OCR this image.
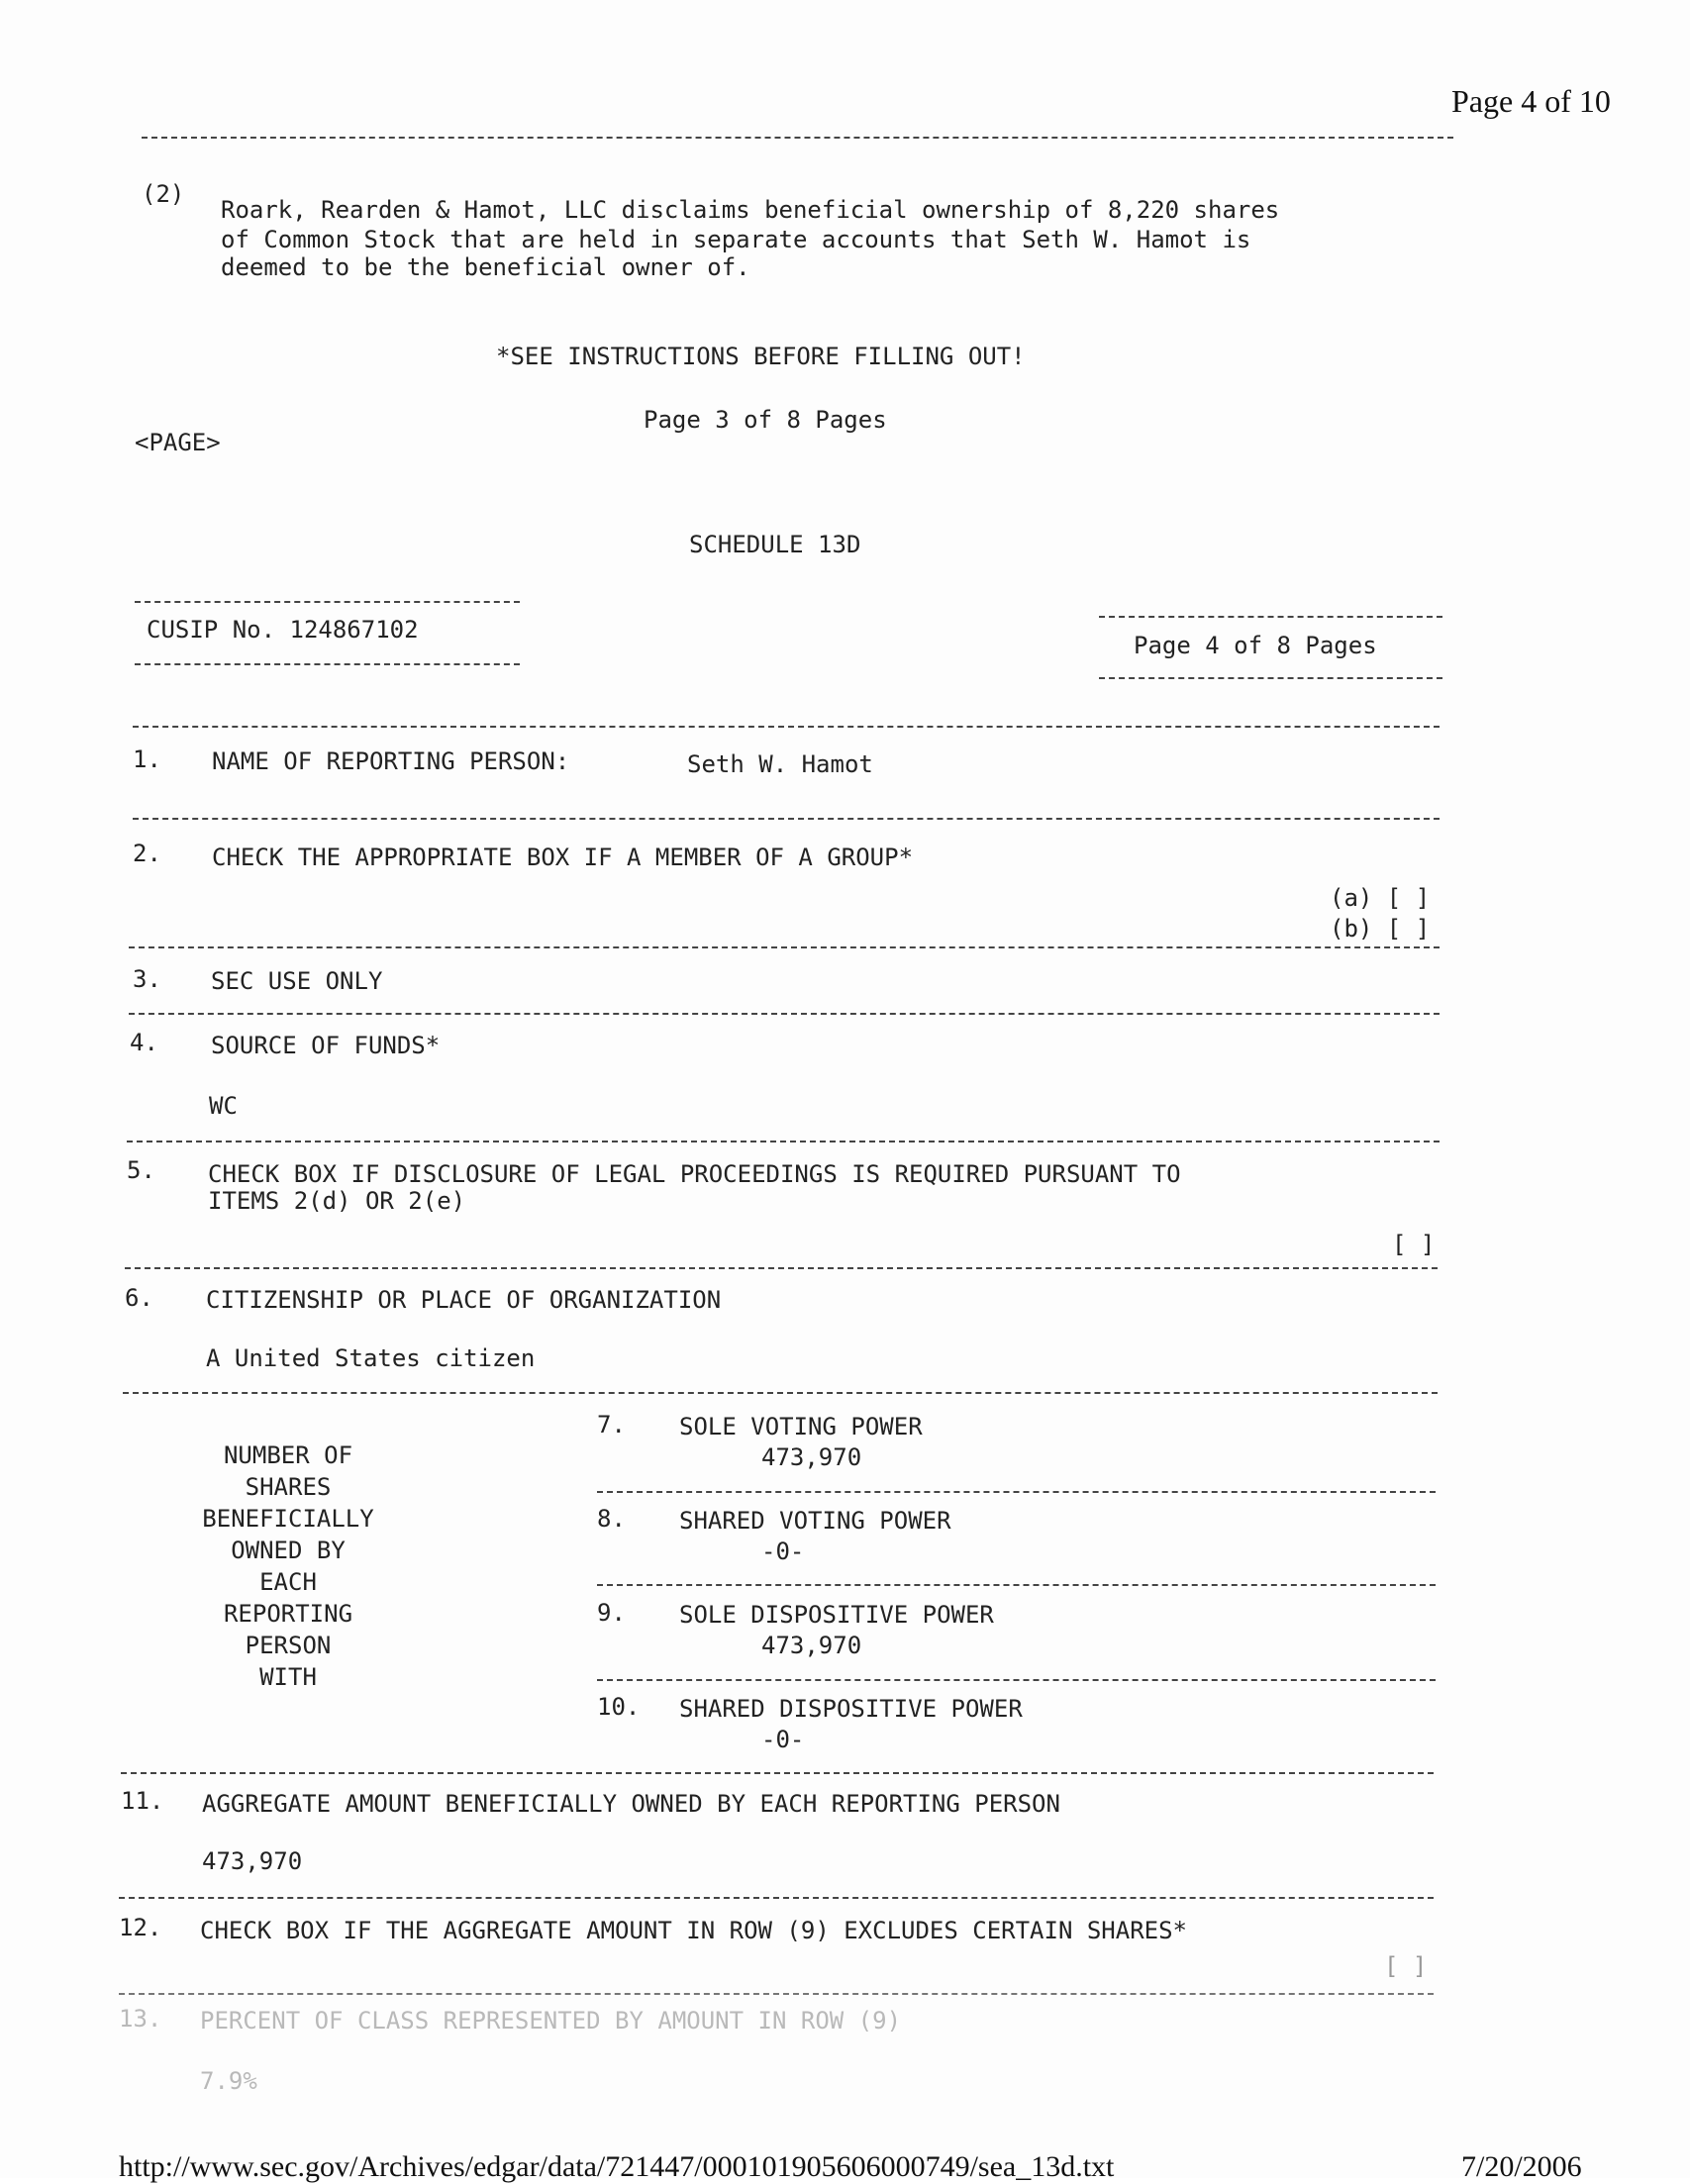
Page 4 of 10
(2)
Roark, Rearden & Hamot, LLC disclaims beneficial ownership of 8,220 shares
of Common Stock that are held in separate accounts that Seth W. Hamot is
deemed to be the beneficial owner of.
*SEE INSTRUCTIONS BEFORE FILLING OUT!
Page 3 of 8 Pages
<PAGE>
SCHEDULE 13D
CUSIP No. 124867102
Page 4 of 8 Pages
1. NAME OF REPORTING PERSON:	Seth W. Hamot
2. CHECK THE APPROPRIATE BOX IF A MEMBER OF A GROUP*
(a) [ ]
(b) [ ]
3. SEC USE ONLY
4. SOURCE OF FUNDS*
WC
5. CHECK BOX IF DISCLOSURE OF LEGAL PROCEEDINGS IS REQUIRED PURSUANT TO
ITEMS 2(d) OR 2(e)
[ ]
6. CITIZENSHIP OR PLACE OF ORGANIZATION
A United States citizen
NUMBER OF
SHARES
BENEFICIALLY
OWNED BY
EACH
REPORTING
PERSON
WITH
7. SOLE VOTING POWER
473,970
8. SHARED VOTING POWER
-0-
9. SOLE DISPOSITIVE POWER
473,970
10. SHARED DISPOSITIVE POWER
-0-
11. AGGREGATE AMOUNT BENEFICIALLY OWNED BY EACH REPORTING PERSON
473,970
12. CHECK BOX IF THE AGGREGATE AMOUNT IN ROW (9) EXCLUDES CERTAIN SHARES*
[ ]
13. PERCENT OF CLASS REPRESENTED BY AMOUNT IN ROW (9)
7.9%
http://www.sec.gov/Archives/edgar/data/721447/000101905606000749/sea_13d.txt	7/20/2006
